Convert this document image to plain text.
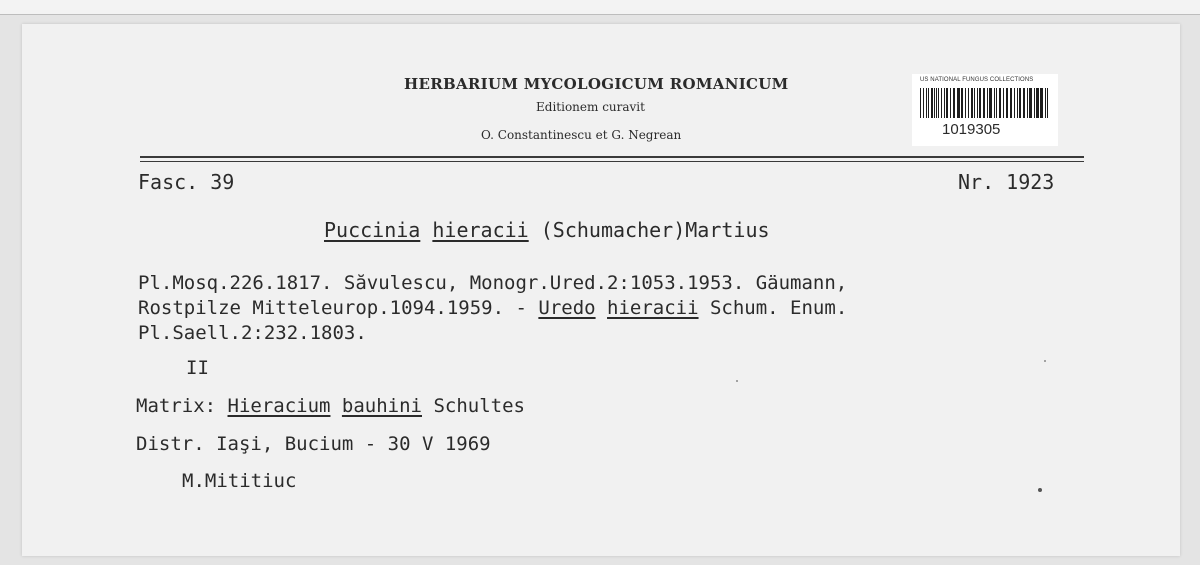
HERBARIUM MYCOLOGICUM ROMANICUM
Editionem curavit
O. Constantinescu et G. Negrean
US NATIONAL FUNGUS COLLECTIONS
1019305
Fasc. 39	Nr. 1923
Puccinia hieracii (Schumacher)Martius
Pl.Mosq.226.1817. Săvulescu, Monogr.Ured.2:1053.1953. Gäumann,
Rostpilze Mitteleurop.1094.1959. - Uredo hieracii Schum. Enum.
Pl.Saell.2:232.1803.
II
Matrix: Hieracium bauhini Schultes
Distr. Iaşi, Bucium - 30 V 1969
M.Mititiuc
